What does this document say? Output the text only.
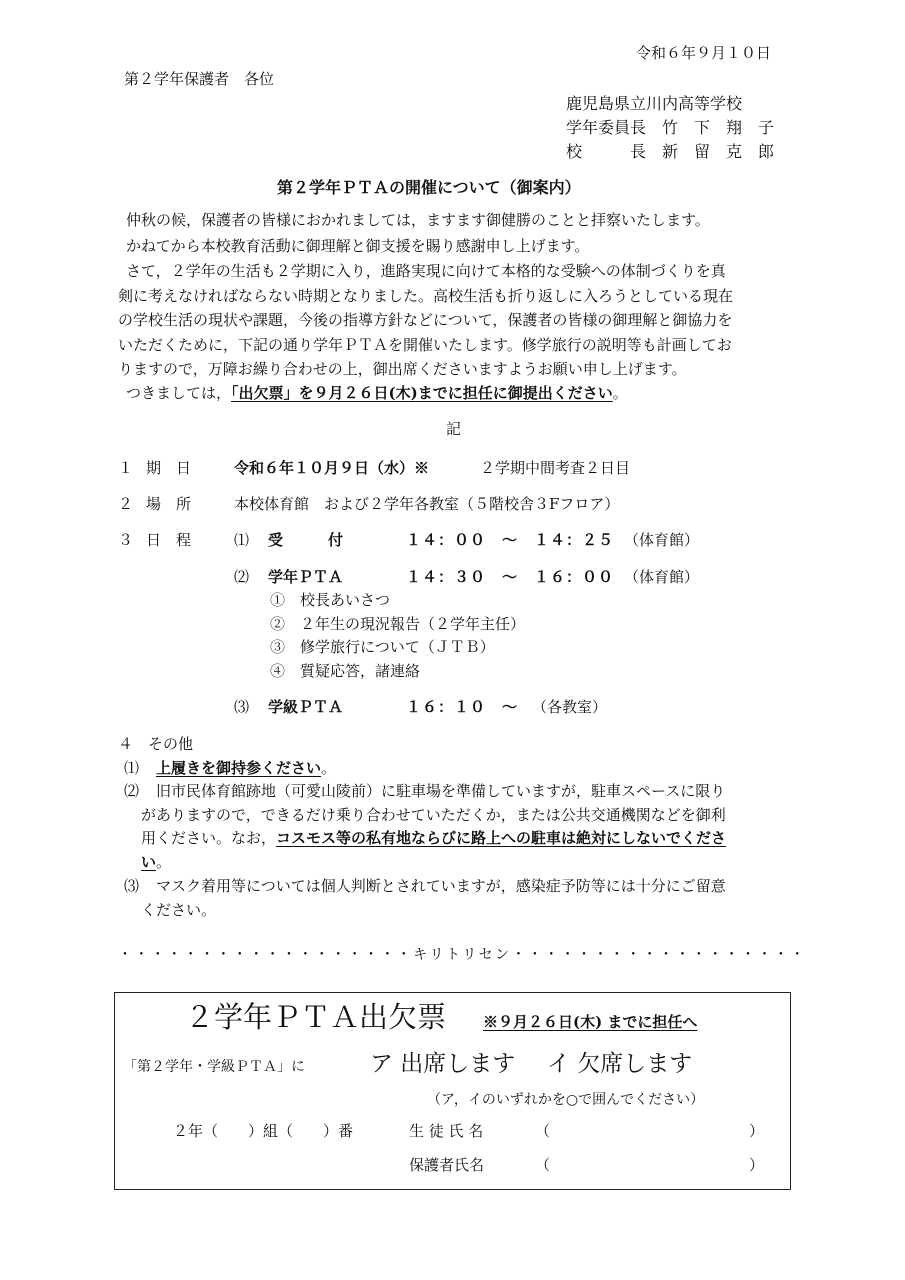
令和６年９月１０日
第２学年保護者　各位
鹿児島県立川内高等学校
学年委員長　竹　下　翔　子
校　　　長　新　留　克　郎
第２学年ＰＴＡの開催について（御案内）
仲秋の候，保護者の皆様におかれましては，ますます御健勝のことと拝察いたします。
かねてから本校教育活動に御理解と御支援を賜り感謝申し上げます。
さて，２学年の生活も２学期に入り，進路実現に向けて本格的な受験への体制づくりを真
剣に考えなければならない時期となりました。高校生活も折り返しに入ろうとしている現在
の学校生活の現状や課題，今後の指導方針などについて，保護者の皆様の御理解と御協力を
いただくために，下記の通り学年ＰＴＡを開催いたします。修学旅行の説明等も計画してお
りますので，万障お繰り合わせの上，御出席くださいますようお願い申し上げます。
つきましては，「出欠票」を９月２６日(木)までに担任に御提出ください。
記
１ 期　日	令和６年１０月９日（水）※	２学期中間考査２日目
２ 場　所	本校体育館　および２学年各教室（５階校舎３Fフロア）
３ 日　程	⑴ 受　　　付	１４：００　～　１４：２５ （体育館）
⑵ 学年ＰＴＡ	１４：３０　～　１６：００ （体育館）
①　校長あいさつ
②　２年生の現況報告（２学年主任）
③　修学旅行について（ＪＴＢ）
④　質疑応答，諸連絡
⑶ 学級ＰＴＡ	１６：１０　～ （各教室）
４　その他
⑴ 上履きを御持参ください。
⑵ 旧市民体育館跡地（可愛山陵前）に駐車場を準備していますが，駐車スペースに限り
がありますので，できるだけ乗り合わせていただくか，または公共交通機関などを御利
用ください。なお，コスモス等の私有地ならびに路上への駐車は絶対にしないでくださ
い。
⑶ マスク着用等については個人判断とされていますが，感染症予防等には十分にご留意
ください。
・・・・・・・・・・・・・・・・・・キリトリセン・・・・・・・・・・・・・・・・・・
２学年ＰＴＡ出欠票 ※９月２６日(木) までに担任へ
「第２学年・学級ＰＴＡ」に	ア 出席します イ 欠席します
（ア，イのいずれかを○で囲んでください）
２年（　　）組（　　）番	生 徒 氏 名	（	）
保護者氏名	（	）
